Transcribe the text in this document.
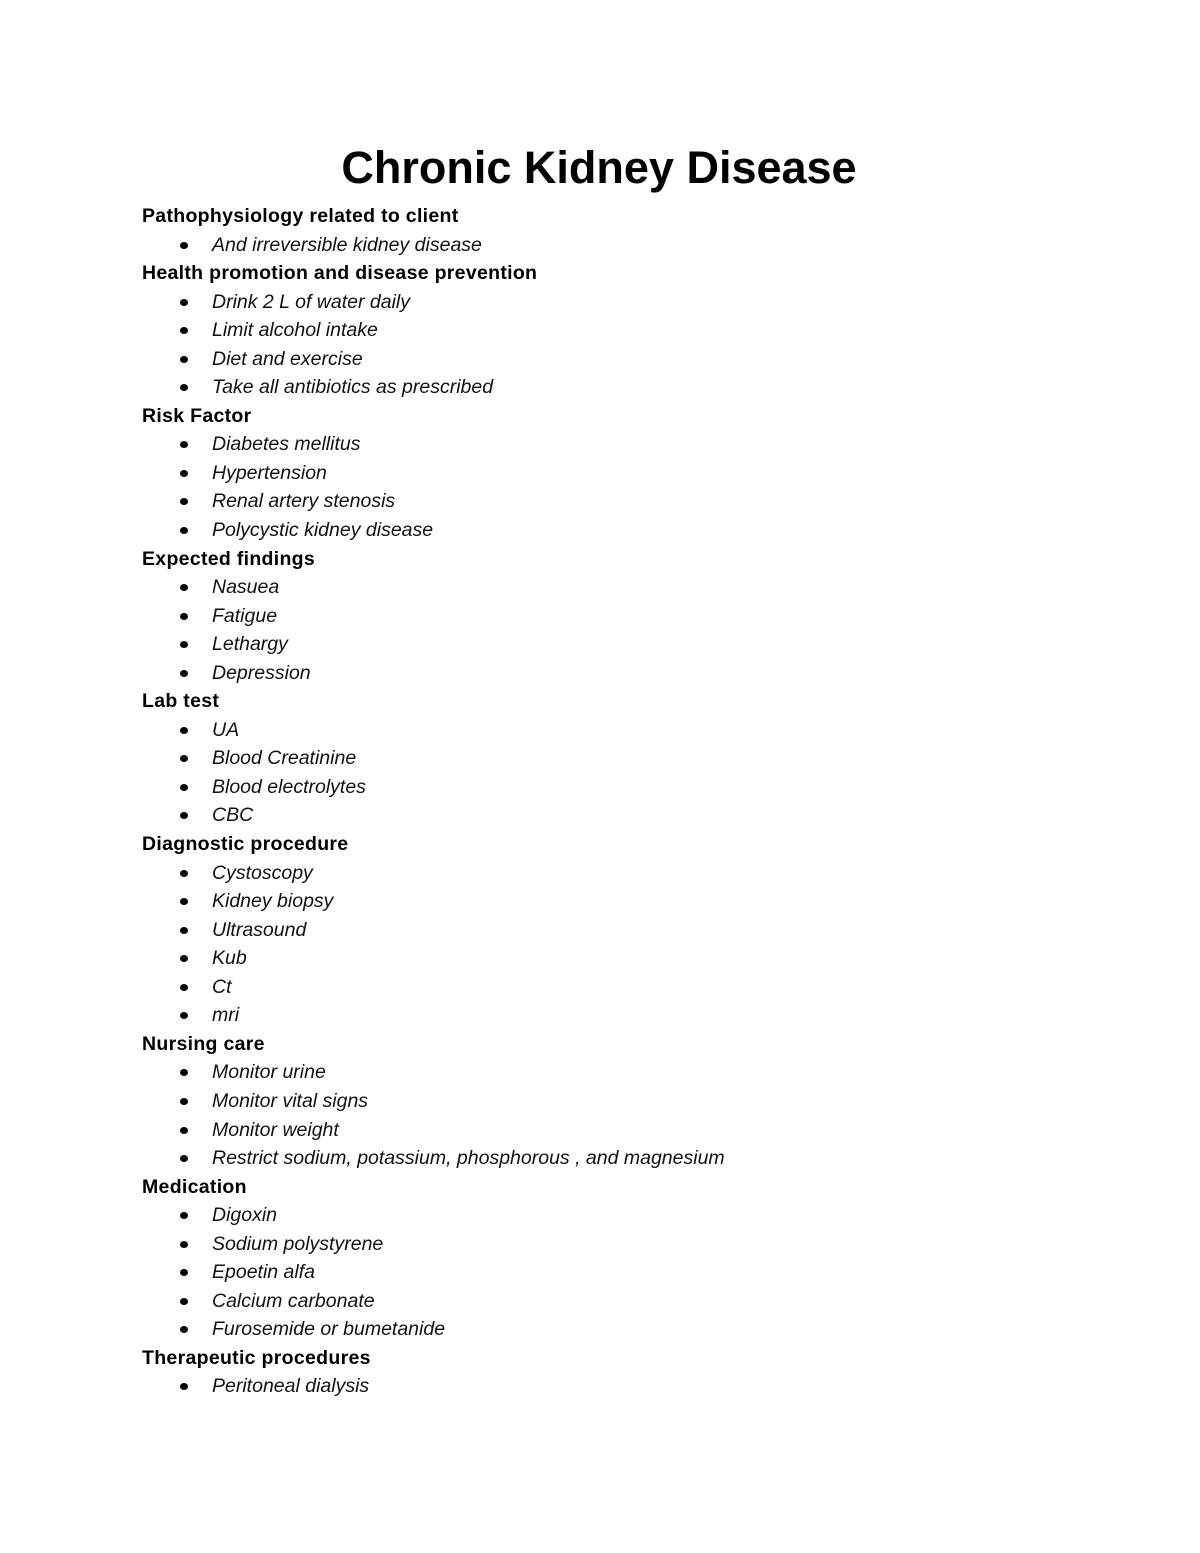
Chronic Kidney Disease
Pathophysiology related to client
And irreversible kidney disease
Health promotion and disease prevention
Drink 2 L of water daily
Limit alcohol intake
Diet and exercise
Take all antibiotics as prescribed
Risk Factor
Diabetes mellitus
Hypertension
Renal artery stenosis
Polycystic kidney disease
Expected findings
Nasuea
Fatigue
Lethargy
Depression
Lab test
UA
Blood Creatinine
Blood electrolytes
CBC
Diagnostic procedure
Cystoscopy
Kidney biopsy
Ultrasound
Kub
Ct
mri
Nursing care
Monitor urine
Monitor vital signs
Monitor weight
Restrict sodium, potassium, phosphorous , and magnesium
Medication
Digoxin
Sodium polystyrene
Epoetin alfa
Calcium carbonate
Furosemide or bumetanide
Therapeutic procedures
Peritoneal dialysis
